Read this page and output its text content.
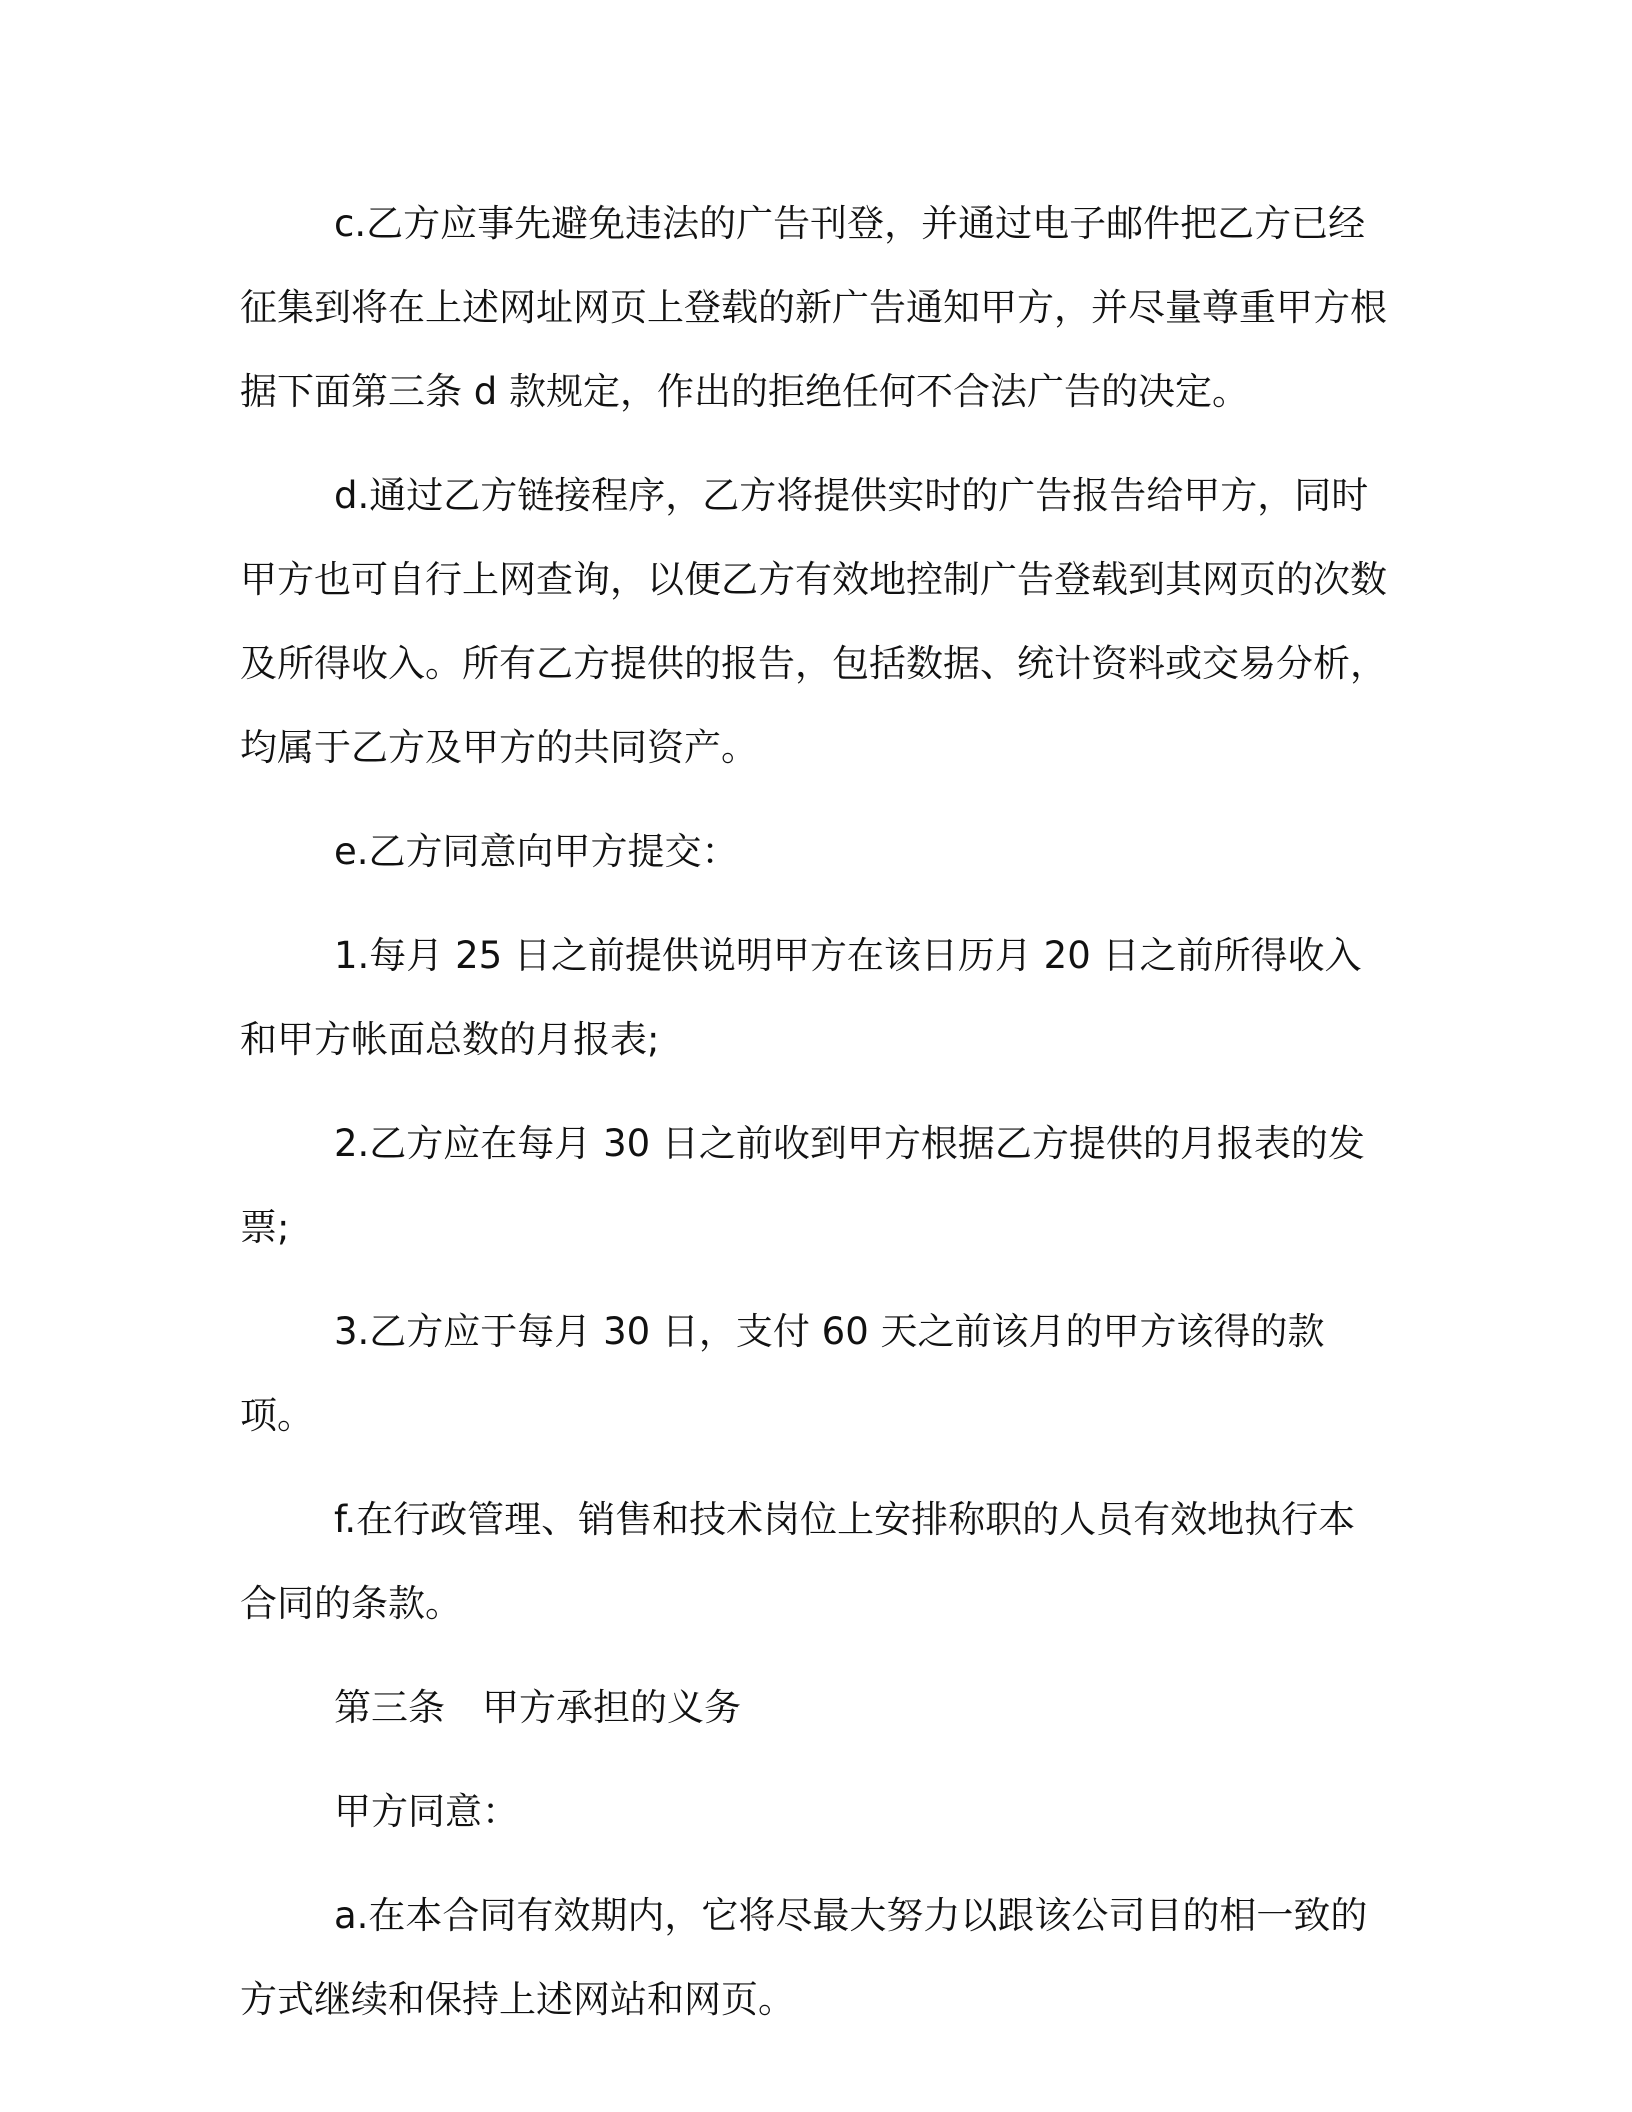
c.乙方应事先避免违法的广告刊登，并通过电子邮件把乙方已经征集到将在上述网址网页上登载的新广告通知甲方，并尽量尊重甲方根据下面第三条 d 款规定，作出的拒绝任何不合法广告的决定。

d.通过乙方链接程序，乙方将提供实时的广告报告给甲方，同时甲方也可自行上网查询，以便乙方有效地控制广告登载到其网页的次数及所得收入。所有乙方提供的报告，包括数据、统计资料或交易分析，均属于乙方及甲方的共同资产。

e.乙方同意向甲方提交：

1.每月 25 日之前提供说明甲方在该日历月 20 日之前所得收入和甲方帐面总数的月报表;

2.乙方应在每月 30 日之前收到甲方根据乙方提供的月报表的发票;

3.乙方应于每月 30 日，支付 60 天之前该月的甲方该得的款项。

f.在行政管理、销售和技术岗位上安排称职的人员有效地执行本合同的条款。

第三条　甲方承担的义务

甲方同意：

a.在本合同有效期内，它将尽最大努力以跟该公司目的相一致的方式继续和保持上述网站和网页。
